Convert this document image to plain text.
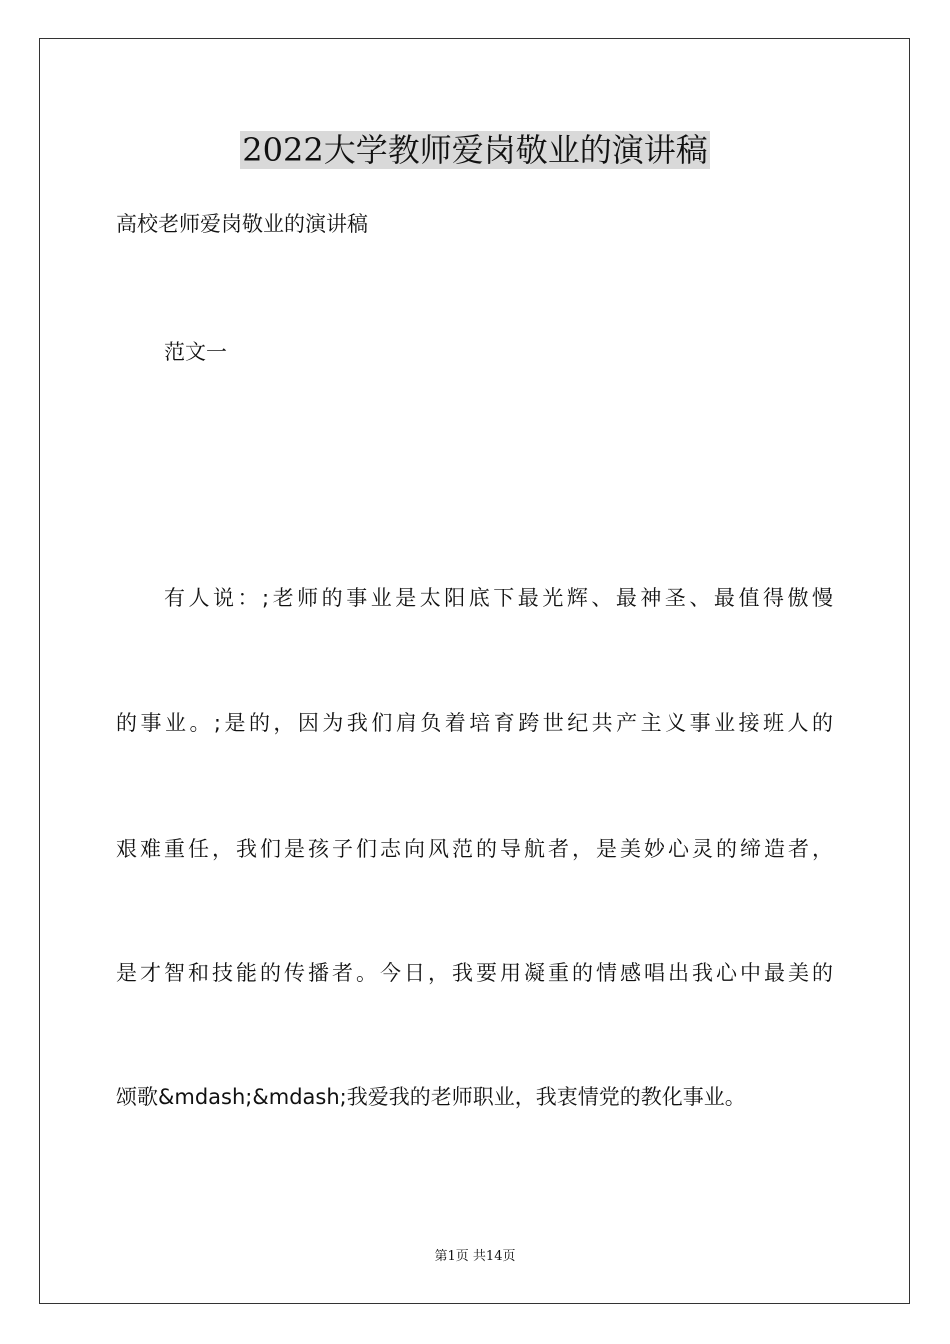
2022大学教师爱岗敬业的演讲稿
高校老师爱岗敬业的演讲稿
范文一
有人说：;老师的事业是太阳底下最光辉、最神圣、最值得傲慢
的事业。;是的，因为我们肩负着培育跨世纪共产主义事业接班人的
艰难重任，我们是孩子们志向风范的导航者，是美妙心灵的缔造者，
是才智和技能的传播者。今日，我要用凝重的情感唱出我心中最美的
颂歌&mdash;&mdash;我爱我的老师职业，我衷情党的教化事业。
第1页 共14页
